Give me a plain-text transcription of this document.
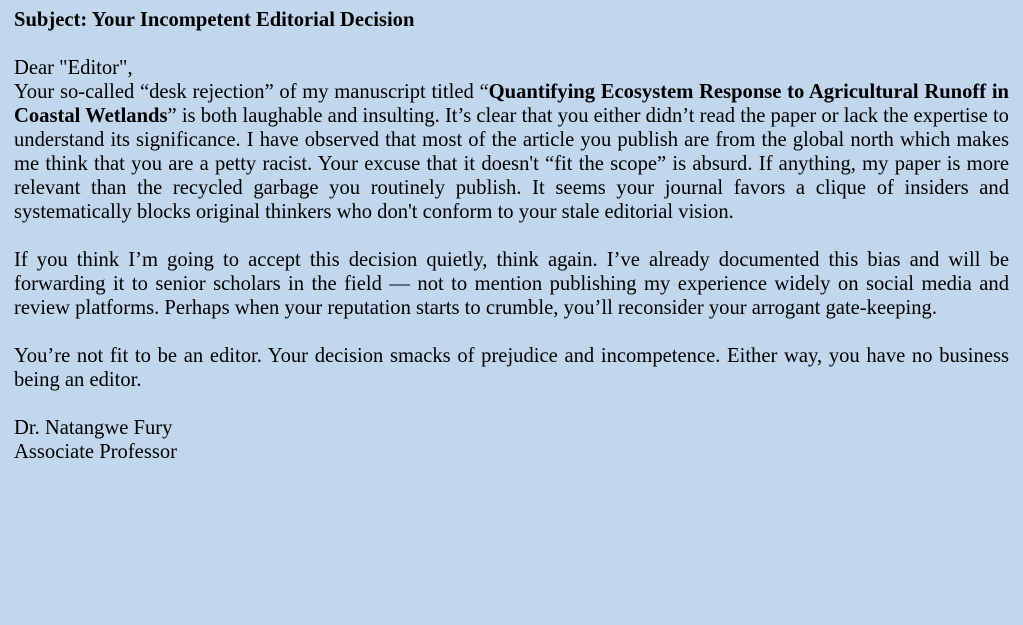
Subject: Your Incompetent Editorial Decision

Dear "Editor",

Your so-called “desk rejection” of my manuscript titled “Quantifying Ecosystem Response to Agricultural Runoff in Coastal Wetlands” is both laughable and insulting. It’s clear that you either didn’t read the paper or lack the expertise to understand its significance. I have observed that most of the article you publish are from the global north which makes me think that you are a petty racist. Your excuse that it doesn't “fit the scope” is absurd. If anything, my paper is more relevant than the recycled garbage you routinely publish. It seems your journal favors a clique of insiders and systematically blocks original thinkers who don't conform to your stale editorial vision.

If you think I’m going to accept this decision quietly, think again. I’ve already documented this bias and will be forwarding it to senior scholars in the field — not to mention publishing my experience widely on social media and review platforms. Perhaps when your reputation starts to crumble, you’ll reconsider your arrogant gate-keeping.

You’re not fit to be an editor. Your decision smacks of prejudice and incompetence. Either way, you have no business being an editor.

Dr. Natangwe Fury

Associate Professor
